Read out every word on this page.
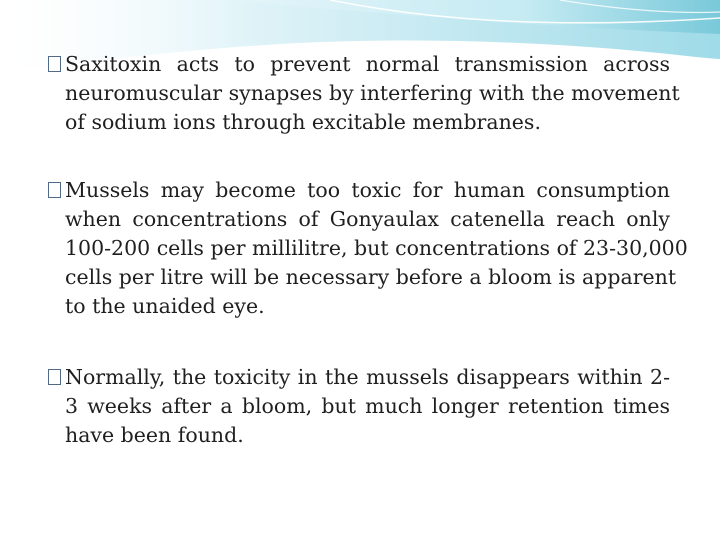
Saxitoxin acts to prevent normal transmission across
neuromuscular synapses by interfering with the movement
of sodium ions through excitable membranes.

Mussels may become too toxic for human consumption
when concentrations of Gonyaulax catenella reach only
100-200 cells per millilitre, but concentrations of 23-30,000
cells per litre will be necessary before a bloom is apparent
to the unaided eye.

Normally, the toxicity in the mussels disappears within 2-
3 weeks after a bloom, but much longer retention times
have been found.
